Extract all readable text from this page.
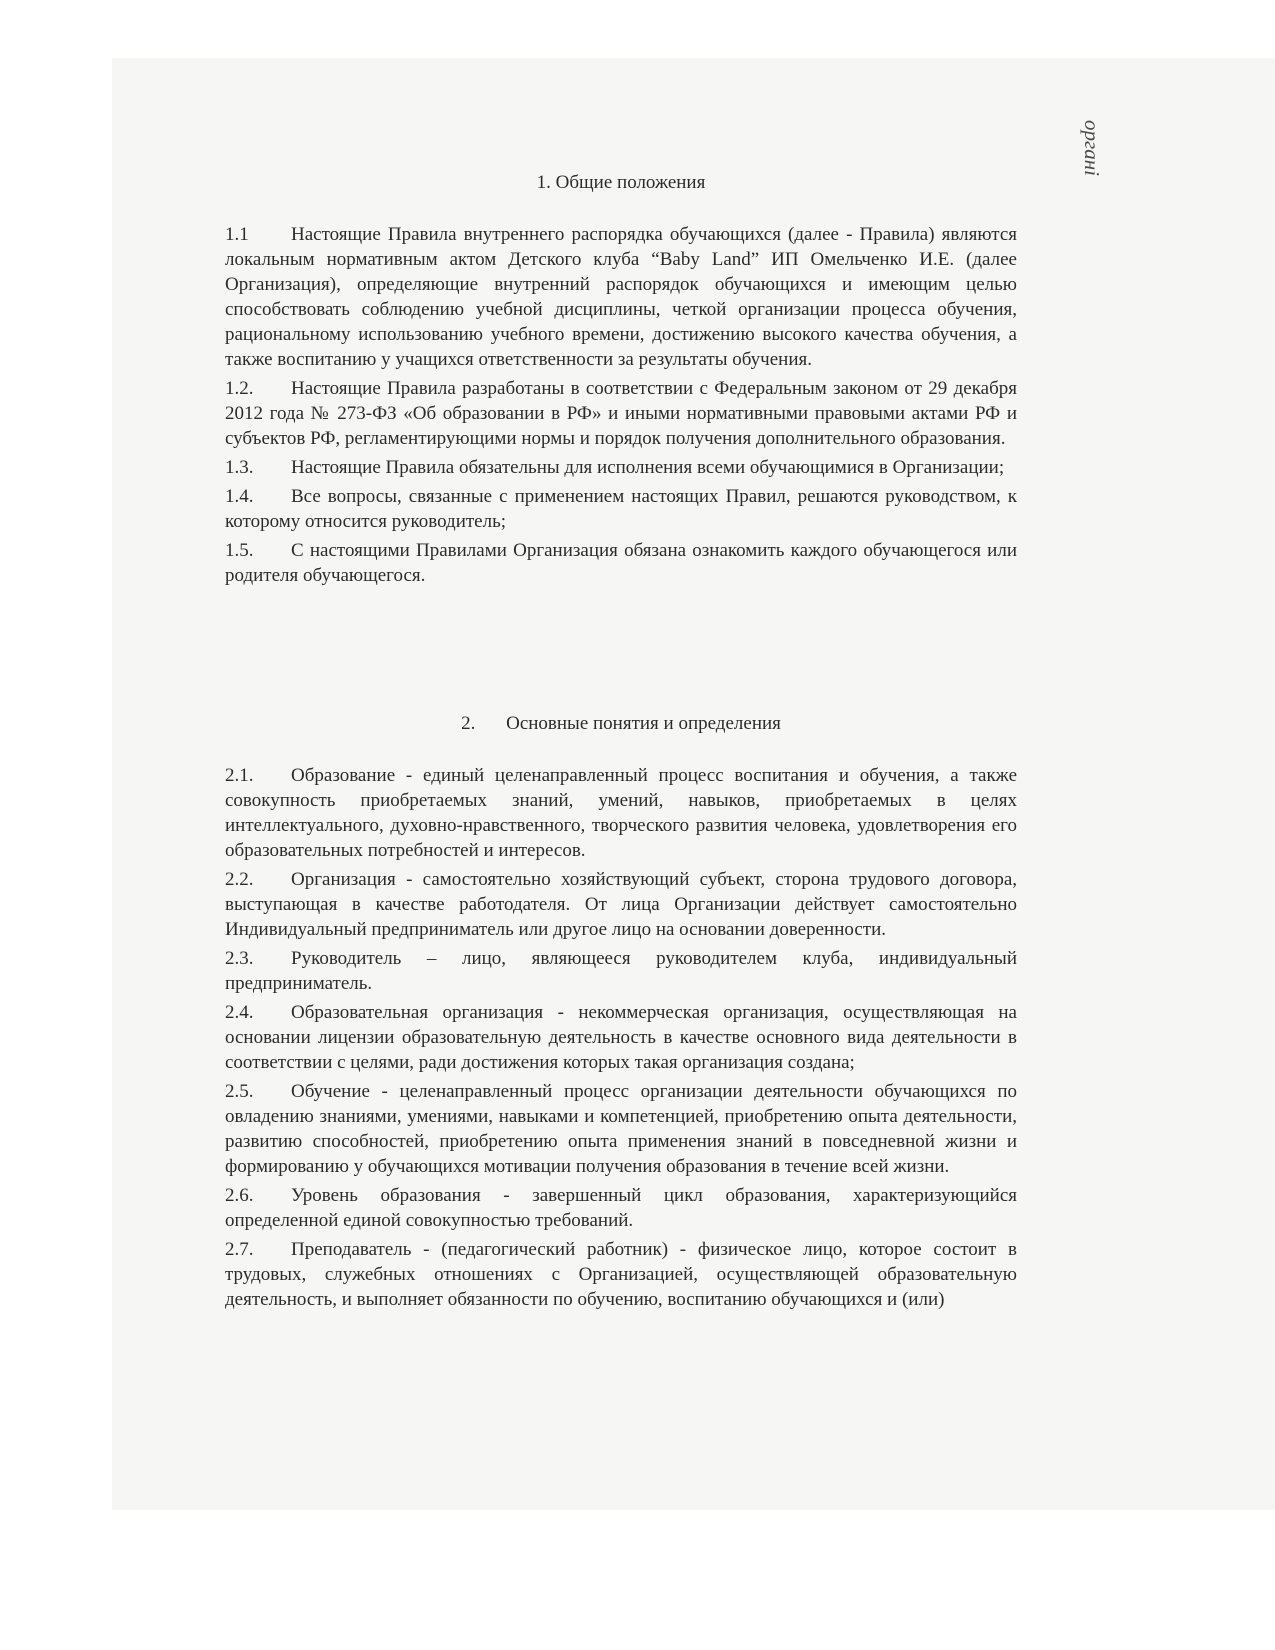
органі
1. Общие положения

1.1 Настоящие Правила внутреннего распорядка обучающихся (далее - Правила) являются локальным нормативным актом Детского клуба “Baby Land” ИП Омельченко И.Е. (далее Организация), определяющие внутренний распорядок обучающихся и имеющим целью способствовать соблюдению учебной дисциплины, четкой организации процесса обучения, рациональному использованию учебного времени, достижению высокого качества обучения, а также воспитанию у учащихся ответственности за результаты обучения.

1.2. Настоящие Правила разработаны в соответствии с Федеральным законом от 29 декабря 2012 года № 273-ФЗ «Об образовании в РФ» и иными нормативными правовыми актами РФ и субъектов РФ, регламентирующими нормы и порядок получения дополнительного образования.

1.3. Настоящие Правила обязательны для исполнения всеми обучающимися в Организации;

1.4. Все вопросы, связанные с применением настоящих Правил, решаются руководством, к которому относится руководитель;

1.5. С настоящими Правилами Организация обязана ознакомить каждого обучающегося или родителя обучающегося.

2. Основные понятия и определения

2.1. Образование - единый целенаправленный процесс воспитания и обучения, а также совокупность приобретаемых знаний, умений, навыков, приобретаемых в целях интеллектуального, духовно-нравственного, творческого развития человека, удовлетворения его образовательных потребностей и интересов.

2.2. Организация - самостоятельно хозяйствующий субъект, сторона трудового договора, выступающая в качестве работодателя. От лица Организации действует самостоятельно Индивидуальный предприниматель или другое лицо на основании доверенности.

2.3. Руководитель – лицо, являющееся руководителем клуба, индивидуальный предприниматель.

2.4. Образовательная организация - некоммерческая организация, осуществляющая на основании лицензии образовательную деятельность в качестве основного вида деятельности в соответствии с целями, ради достижения которых такая организация создана;

2.5. Обучение - целенаправленный процесс организации деятельности обучающихся по овладению знаниями, умениями, навыками и компетенцией, приобретению опыта деятельности, развитию способностей, приобретению опыта применения знаний в повседневной жизни и формированию у обучающихся мотивации получения образования в течение всей жизни.

2.6. Уровень образования - завершенный цикл образования, характеризующийся определенной единой совокупностью требований.

2.7. Преподаватель - (педагогический работник) - физическое лицо, которое состоит в трудовых, служебных отношениях с Организацией, осуществляющей образовательную деятельность, и выполняет обязанности по обучению, воспитанию обучающихся и (или)
